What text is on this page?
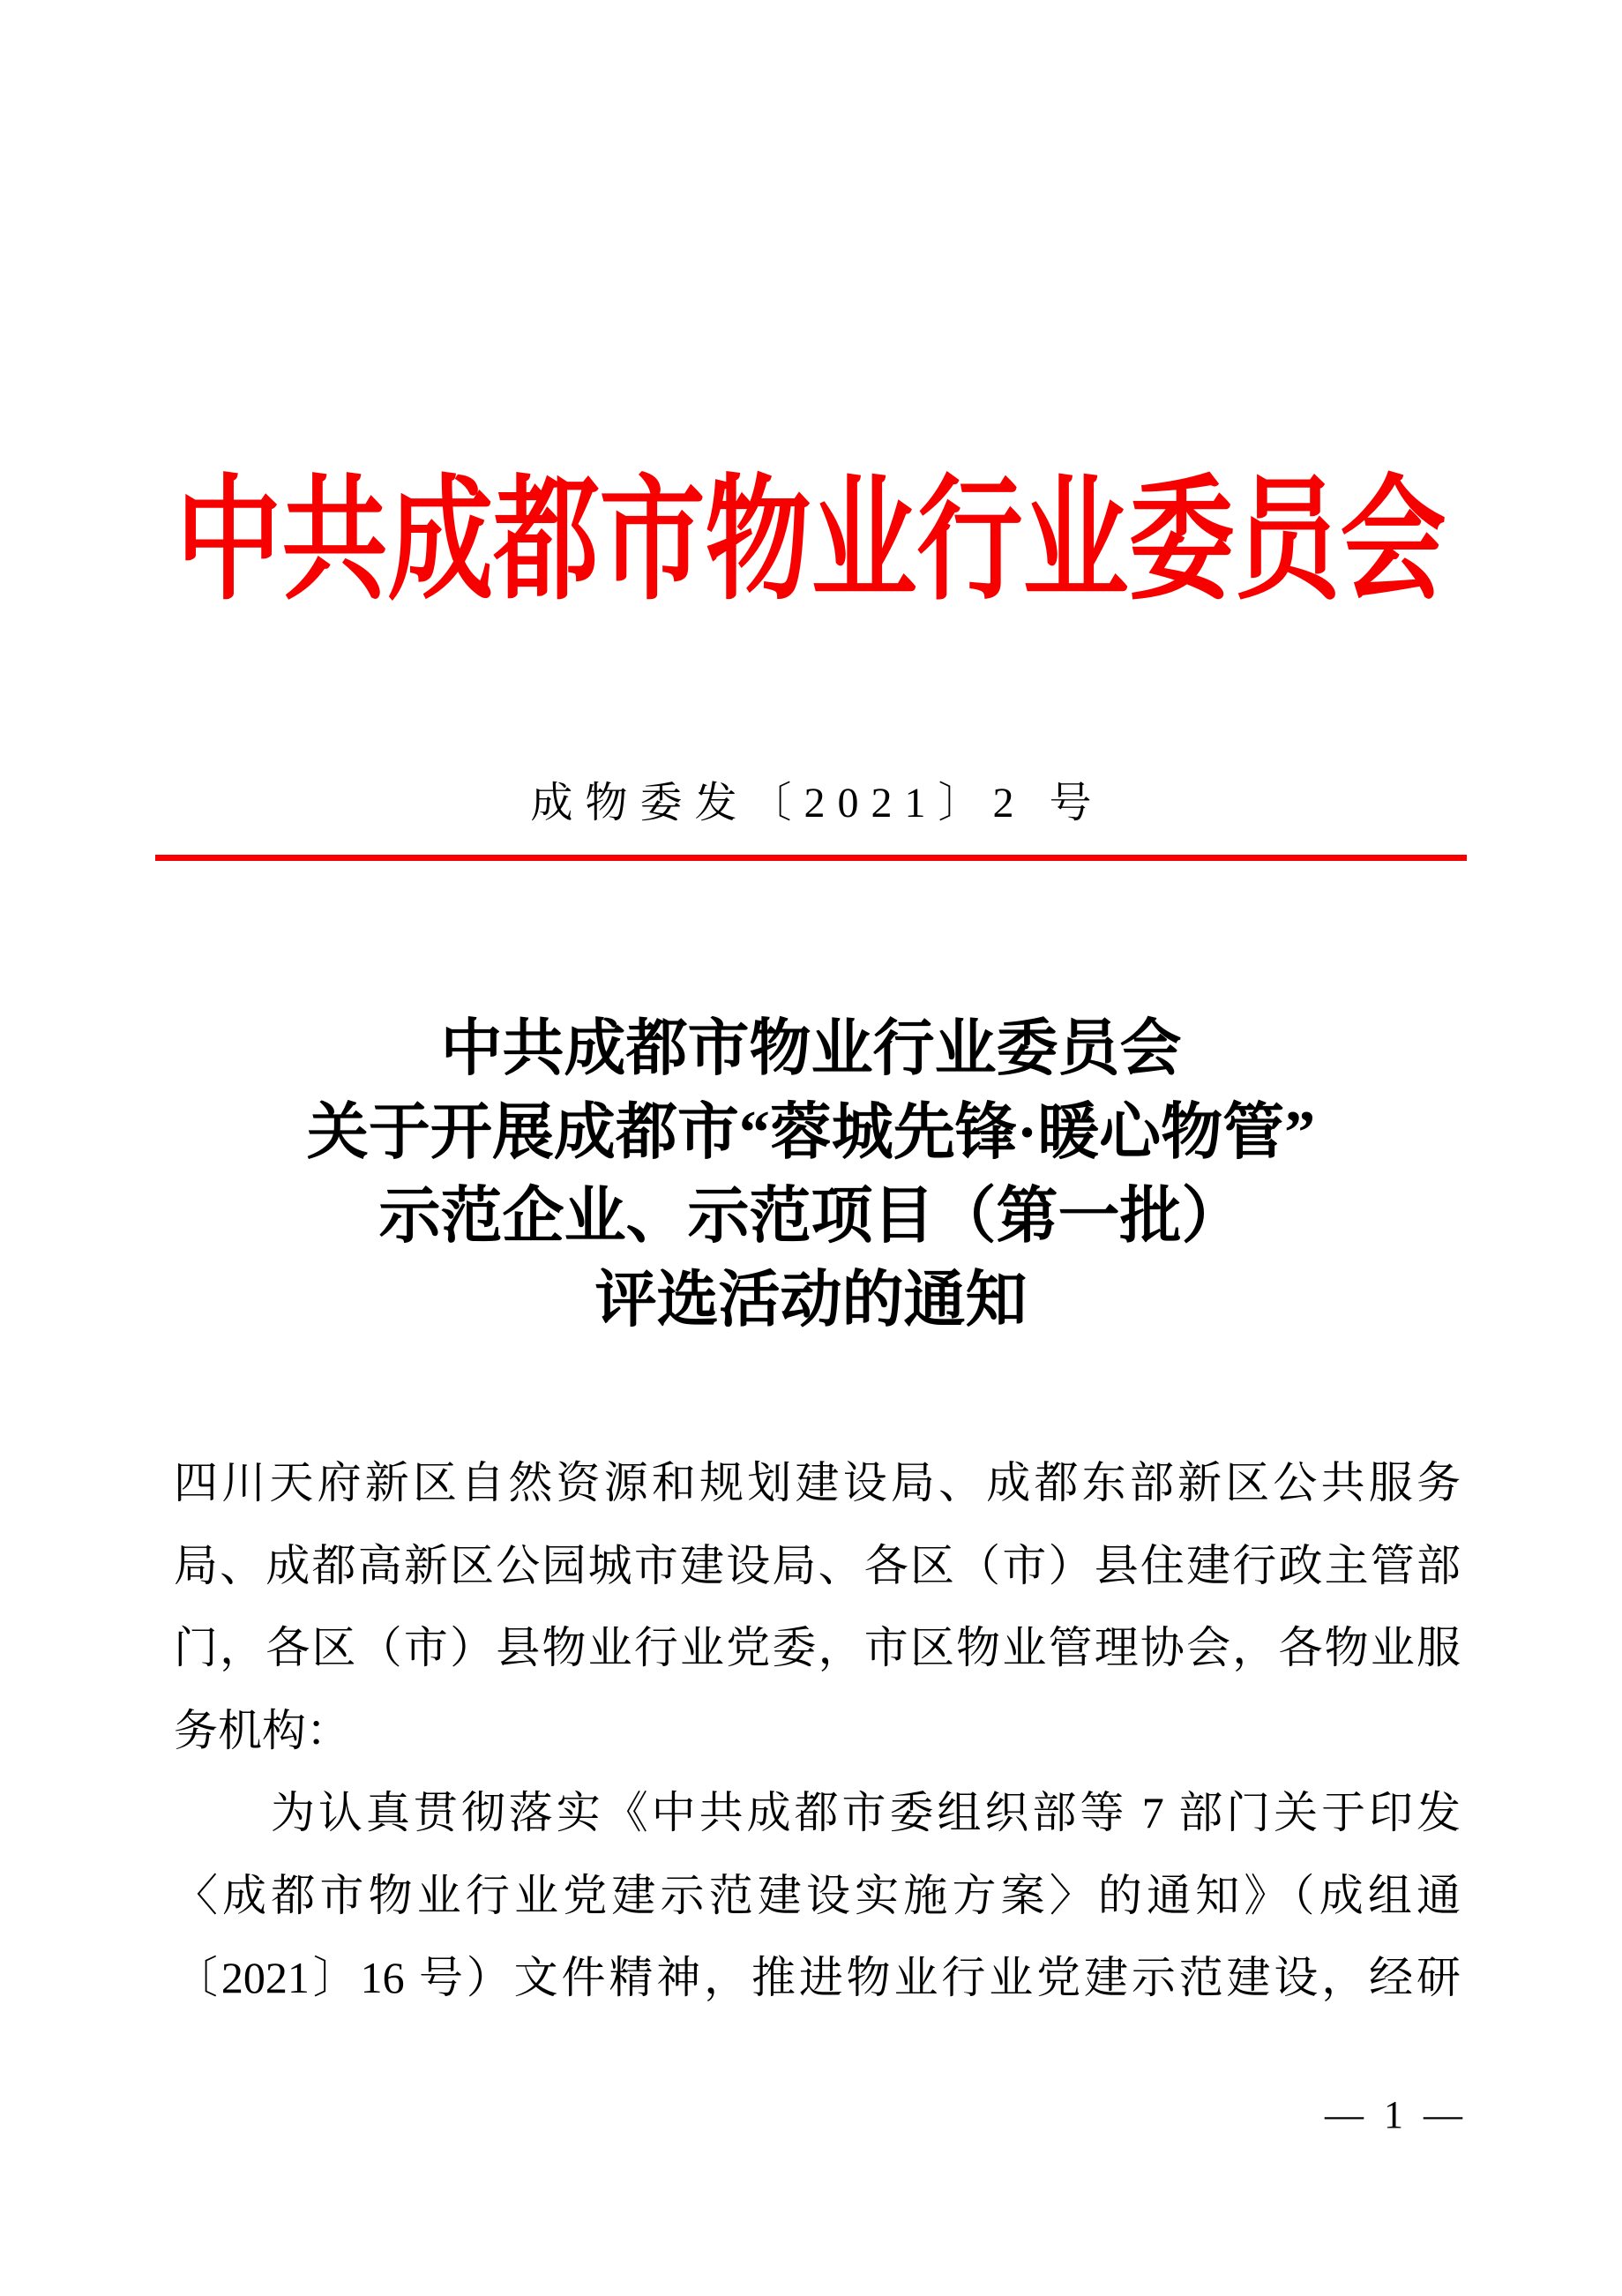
中共成都市物业行业委员会
成物委发〔2021〕2 号
中共成都市物业行业委员会
关于开展成都市“蓉城先锋·暖心物管”
示范企业、示范项目（第一批）
评选活动的通知

四川天府新区自然资源和规划建设局、成都东部新区公共服务

局、成都高新区公园城市建设局、各区（市）县住建行政主管部

门，各区（市）县物业行业党委，市区物业管理协会，各物业服

务机构：

为认真贯彻落实《中共成都市委组织部等 7 部门关于印发

〈成都市物业行业党建示范建设实施方案〉的通知》（成组通

〔2021〕16 号）文件精神，推进物业行业党建示范建设，经研

— 1 —
